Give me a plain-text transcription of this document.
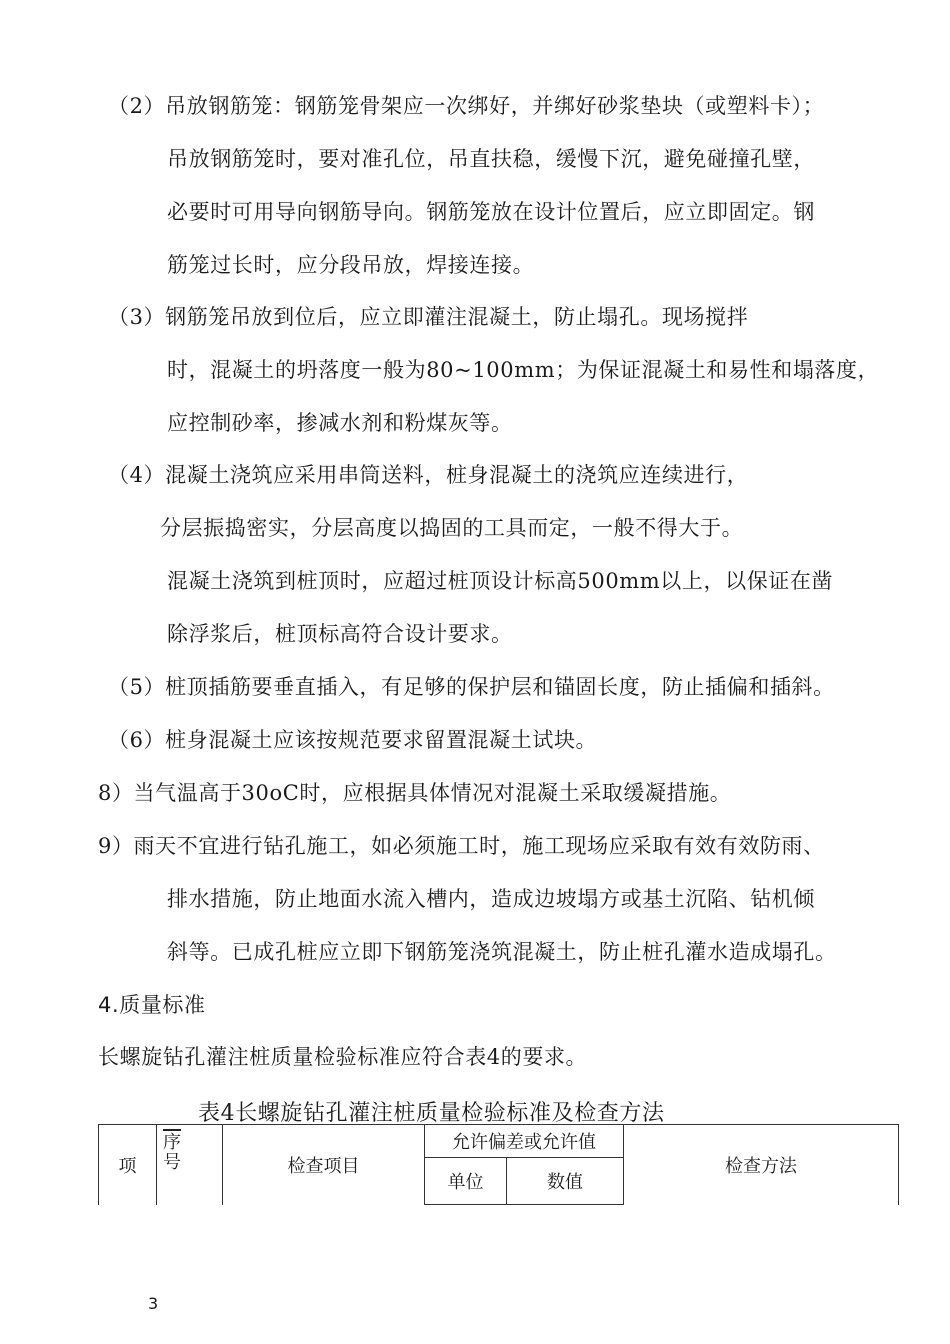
（2）吊放钢筋笼：钢筋笼骨架应一次绑好，并绑好砂浆垫块（或塑料卡）；
吊放钢筋笼时，要对准孔位，吊直扶稳，缓慢下沉，避免碰撞孔壁，
必要时可用导向钢筋导向。钢筋笼放在设计位置后，应立即固定。钢
筋笼过长时，应分段吊放，焊接连接。
（3）钢筋笼吊放到位后，应立即灌注混凝土，防止塌孔。现场搅拌
时，混凝土的坍落度一般为80~100mm；为保证混凝土和易性和塌落度，
应控制砂率，掺减水剂和粉煤灰等。
（4）混凝土浇筑应采用串筒送料，桩身混凝土的浇筑应连续进行，
分层振捣密实，分层高度以捣固的工具而定，一般不得大于。
混凝土浇筑到桩顶时，应超过桩顶设计标高500mm以上，以保证在凿
除浮浆后，桩顶标高符合设计要求。
（5）桩顶插筋要垂直插入，有足够的保护层和锚固长度，防止插偏和插斜。
（6）桩身混凝土应该按规范要求留置混凝土试块。
8）当气温高于30oC时，应根据具体情况对混凝土采取缓凝措施。
9）雨天不宜进行钻孔施工，如必须施工时，施工现场应采取有效有效防雨、
排水措施，防止地面水流入槽内，造成边坡塌方或基土沉陷、钻机倾
斜等。已成孔桩应立即下钢筋笼浇筑混凝土，防止桩孔灌水造成塌孔。
4.质量标准
长螺旋钻孔灌注桩质量检验标准应符合表4的要求。
表4长螺旋钻孔灌注桩质量检验标准及检查方法
项	序号	检查项目	允许偏差或允许值		检查方法
			单位	数值	
3
